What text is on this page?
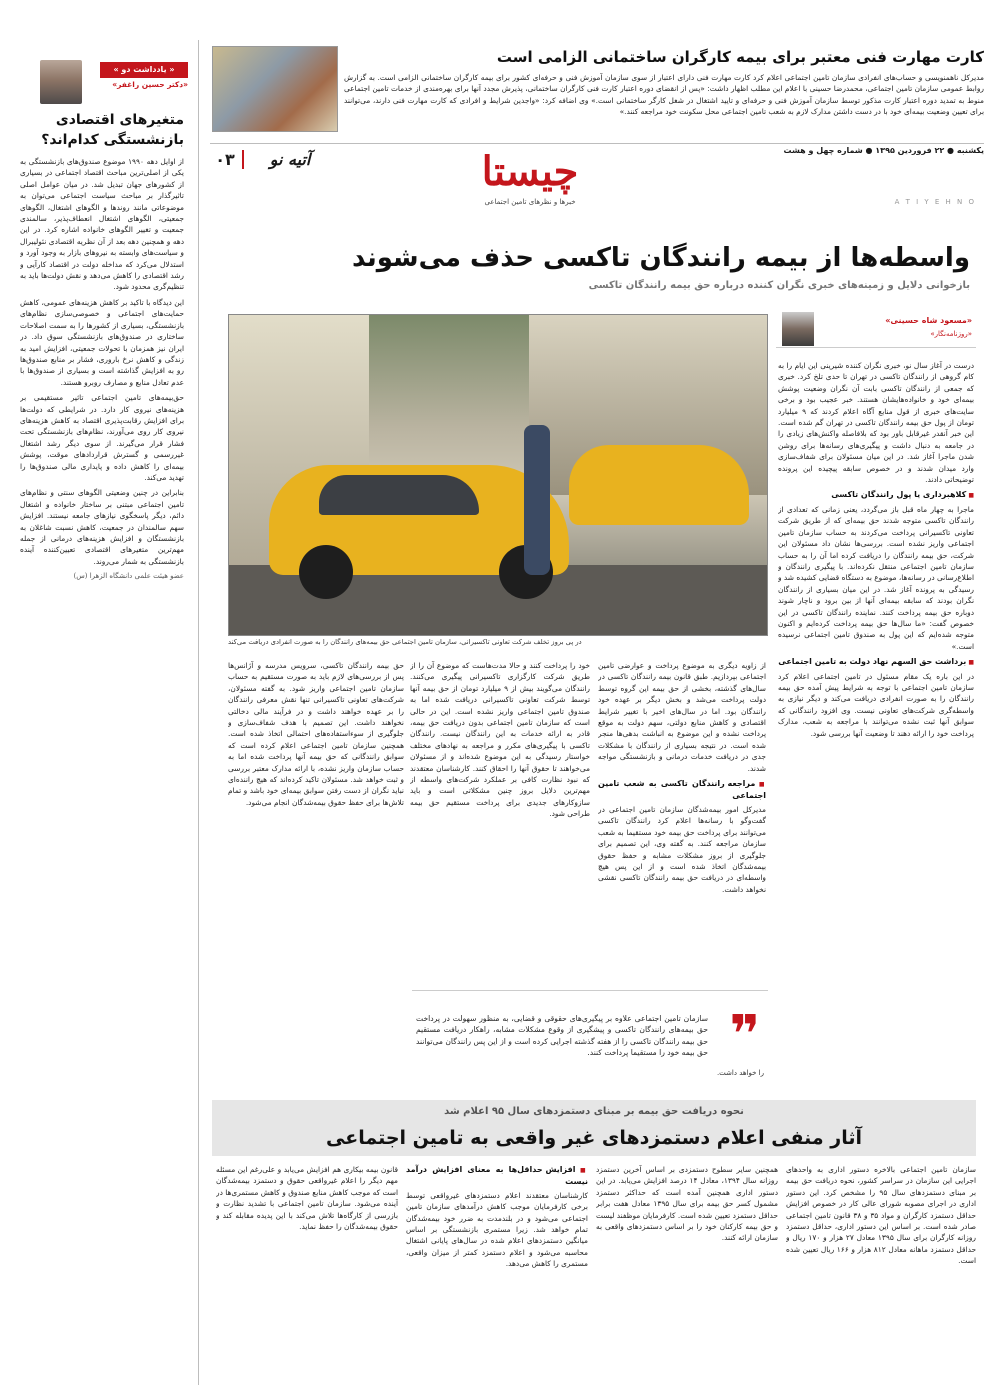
« یادداشت دو »
«دکتر حسین راغفر»
متغیرهای اقتصادی بازنشستگی کدام‌اند؟

از اوایل دهه ۱۹۹۰ موضوع صندوق‌های بازنشستگی به یکی از اصلی‌ترین مباحث اقتصاد اجتماعی در بسیاری از کشورهای جهان تبدیل شد. در میان عوامل اصلی تاثیرگذار بر مباحث سیاست اجتماعی می‌توان به موضوعاتی مانند روندها و الگوهای اشتغال، الگوهای جمعیتی، الگوهای اشتغال انعطاف‌پذیر، سالمندی جمعیت و تغییر الگوهای خانواده اشاره کرد. در این دهه و همچنین دهه بعد از آن نظریه اقتصادی نئولیبرال و سیاست‌های وابسته به نیروهای بازار به وجود آورد و استدلال می‌کرد که مداخله دولت در اقتصاد کارآیی و رشد اقتصادی را کاهش می‌دهد و نقش دولت‌ها باید به تنظیم‌گری محدود شود.

این دیدگاه با تاکید بر کاهش هزینه‌های عمومی، کاهش حمایت‌های اجتماعی و خصوصی‌سازی نظام‌های بازنشستگی، بسیاری از کشورها را به سمت اصلاحات ساختاری در صندوق‌های بازنشستگی سوق داد. در ایران نیز همزمان با تحولات جمعیتی، افزایش امید به زندگی و کاهش نرخ باروری، فشار بر منابع صندوق‌ها رو به افزایش گذاشته است و بسیاری از صندوق‌ها با عدم تعادل منابع و مصارف روبرو هستند.

حق‌بیمه‌های تامین اجتماعی تاثیر مستقیمی بر هزینه‌های نیروی کار دارد. در شرایطی که دولت‌ها برای افزایش رقابت‌پذیری اقتصاد به کاهش هزینه‌های نیروی کار روی می‌آورند، نظام‌های بازنشستگی تحت فشار قرار می‌گیرند. از سوی دیگر رشد اشتغال غیررسمی و گسترش قراردادهای موقت، پوشش بیمه‌ای را کاهش داده و پایداری مالی صندوق‌ها را تهدید می‌کند.

بنابراین در چنین وضعیتی الگوهای سنتی و نظام‌های تامین اجتماعی مبتنی بر ساختار خانواده و اشتغال دائم، دیگر پاسخگوی نیازهای جامعه نیستند. افزایش سهم سالمندان در جمعیت، کاهش نسبت شاغلان به بازنشستگان و افزایش هزینه‌های درمانی از جمله مهم‌ترین متغیرهای اقتصادی تعیین‌کننده آینده بازنشستگی به شمار می‌روند.

عضو هیئت علمی دانشگاه الزهرا (س)

کارت مهارت فنی معتبر برای بیمه کارگران ساختمانی الزامی است
مدیرکل ناهمنویسی و حساب‌های انفرادی سازمان تامین اجتماعی اعلام کرد کارت مهارت فنی دارای اعتبار از سوی سازمان آموزش فنی و حرفه‌ای کشور برای بیمه کارگران ساختمانی الزامی است. به گزارش روابط عمومی سازمان تامین اجتماعی، محمدرضا حسینی با اعلام این مطلب اظهار داشت: «پس از انقضای دوره اعتبار کارت فنی کارگران ساختمانی، پذیرش مجدد آنها برای بهره‌مندی از خدمات تامین اجتماعی منوط به تمدید دوره اعتبار کارت مذکور توسط سازمان آموزش فنی و حرفه‌ای و تایید اشتغال در شغل کارگر ساختمانی است.» وی اضافه کرد: «واجدین شرایط و افرادی که کارت مهارت فنی دارند، می‌توانند برای تعیین وضعیت بیمه‌ای خود با در دست داشتن مدارک لازم به شعب تامین اجتماعی محل سکونت خود مراجعه کنند.»
یکشنبه ● ۲۲ فروردین ۱۳۹۵ ● شماره چهل و هشت
چیستا
خبرها و نظرهای تامین اجتماعی
آتیه نو
۰۳
A T I Y E H N O
واسطه‌ها از بیمه رانندگان تاکسی حذف می‌شوند
بازخوانی دلایل و زمینه‌های خبری نگران کننده درباره حق بیمه رانندگان تاکسی
«مسعود شاه حسینی»
«روزنامه‌نگار»
در پی بروز تخلف شرکت تعاونی تاکسیرانی، سازمان تامین اجتماعی حق بیمه‌های رانندگان را به صورت انفرادی دریافت می‌کند

درست در آغاز سال نو، خبری نگران کننده شیرینی این ایام را به کام گروهی از رانندگان تاکسی در تهران تا حدی تلخ کرد. خبری که جمعی از رانندگان تاکسی بابت آن نگران وضعیت پوشش بیمه‌ای خود و خانواده‌هایشان هستند. خبر عجیب بود و برخی سایت‌های خبری از قول منابع آگاه اعلام کردند که ۹ میلیارد تومان از پول حق بیمه رانندگان تاکسی در تهران گم شده است. این خبر آنقدر غیرقابل باور بود که بلافاصله واکنش‌های زیادی را در جامعه به دنبال داشت و پیگیری‌های رسانه‌ها برای روشن شدن ماجرا آغاز شد. در این میان مسئولان برای شفاف‌سازی وارد میدان شدند و در خصوص سابقه پیچیده این پرونده توضیحاتی دادند.

■ کلاهبرداری یا پول رانندگان تاکسی

ماجرا به چهار ماه قبل باز می‌گردد، یعنی زمانی که تعدادی از رانندگان تاکسی متوجه شدند حق بیمه‌ای که از طریق شرکت تعاونی تاکسیرانی پرداخت می‌کردند به حساب سازمان تامین اجتماعی واریز نشده است. بررسی‌ها نشان داد مسئولان این شرکت، حق بیمه رانندگان را دریافت کرده اما آن را به حساب سازمان تامین اجتماعی منتقل نکرده‌اند. با پیگیری رانندگان و اطلاع‌رسانی در رسانه‌ها، موضوع به دستگاه قضایی کشیده شد و رسیدگی به پرونده آغاز شد. در این میان بسیاری از رانندگان نگران بودند که سابقه بیمه‌ای آنها از بین برود و ناچار شوند دوباره حق بیمه پرداخت کنند. نماینده رانندگان تاکسی در این خصوص گفت: «ما سال‌ها حق بیمه پرداخت کرده‌ایم و اکنون متوجه شده‌ایم که این پول به صندوق تامین اجتماعی نرسیده است.»

■ برداشت حق السهم نهاد دولت به تامین اجتماعی

در این باره یک مقام مسئول در تامین اجتماعی اعلام کرد سازمان تامین اجتماعی با توجه به شرایط پیش آمده حق بیمه رانندگان را به صورت انفرادی دریافت می‌کند و دیگر نیازی به واسطه‌گری شرکت‌های تعاونی نیست. وی افزود رانندگانی که سوابق آنها ثبت نشده می‌توانند با مراجعه به شعب، مدارک پرداخت خود را ارائه دهند تا وضعیت آنها بررسی شود.

از زاویه دیگری به موضوع پرداخت و عوارضی تامین اجتماعی بپردازیم. طبق قانون بیمه رانندگان تاکسی در سال‌های گذشته، بخشی از حق بیمه این گروه توسط دولت پرداخت می‌شد و بخش دیگر بر عهده خود رانندگان بود. اما در سال‌های اخیر با تغییر شرایط اقتصادی و کاهش منابع دولتی، سهم دولت به موقع پرداخت نشده و این موضوع به انباشت بدهی‌ها منجر شده است. در نتیجه بسیاری از رانندگان با مشکلات جدی در دریافت خدمات درمانی و بازنشستگی مواجه شدند.

■ مراجعه رانندگان تاکسی به شعب تامین اجتماعی

مدیرکل امور بیمه‌شدگان سازمان تامین اجتماعی در گفت‌وگو با رسانه‌ها اعلام کرد رانندگان تاکسی می‌توانند برای پرداخت حق بیمه خود مستقیما به شعب سازمان مراجعه کنند. به گفته وی، این تصمیم برای جلوگیری از بروز مشکلات مشابه و حفظ حقوق بیمه‌شدگان اتخاذ شده است و از این پس هیچ واسطه‌ای در دریافت حق بیمه رانندگان تاکسی نقشی نخواهد داشت.

خود را پرداخت کنند و حالا مدت‌هاست که موضوع آن را از طریق شرکت کارگزاری تاکسیرانی پیگیری می‌کنند. رانندگان می‌گویند بیش از ۹ میلیارد تومان از حق بیمه آنها توسط شرکت تعاونی تاکسیرانی دریافت شده اما به صندوق تامین اجتماعی واریز نشده است. این در حالی است که سازمان تامین اجتماعی بدون دریافت حق بیمه، قادر به ارائه خدمات به این رانندگان نیست. رانندگان تاکسی با پیگیری‌های مکرر و مراجعه به نهادهای مختلف خواستار رسیدگی به این موضوع شده‌اند و از مسئولان می‌خواهند تا حقوق آنها را احقاق کنند. کارشناسان معتقدند که نبود نظارت کافی بر عملکرد شرکت‌های واسطه از مهم‌ترین دلایل بروز چنین مشکلاتی است و باید سازوکارهای جدیدی برای پرداخت مستقیم حق بیمه طراحی شود.
حق بیمه رانندگان تاکسی، سرویس مدرسه و آژانس‌ها پس از بررسی‌های لازم باید به صورت مستقیم به حساب سازمان تامین اجتماعی واریز شود. به گفته مسئولان، شرکت‌های تعاونی تاکسیرانی تنها نقش معرفی رانندگان را بر عهده خواهند داشت و در فرآیند مالی دخالتی نخواهند داشت. این تصمیم با هدف شفاف‌سازی و جلوگیری از سوءاستفاده‌های احتمالی اتخاذ شده است. همچنین سازمان تامین اجتماعی اعلام کرده است که سوابق رانندگانی که حق بیمه آنها پرداخت شده اما به حساب سازمان واریز نشده، با ارائه مدارک معتبر بررسی و ثبت خواهد شد. مسئولان تاکید کرده‌اند که هیچ راننده‌ای نباید نگران از دست رفتن سوابق بیمه‌ای خود باشد و تمام تلاش‌ها برای حفظ حقوق بیمه‌شدگان انجام می‌شود.
❞
سازمان تامین اجتماعی علاوه بر پیگیری‌های حقوقی و قضایی، به منظور سهولت در پرداخت حق بیمه‌های رانندگان تاکسی و پیشگیری از وقوع مشکلات مشابه، راهکار دریافت مستقیم حق بیمه رانندگان تاکسی را از هفته گذشته اجرایی کرده است و از این پس رانندگان می‌توانند حق بیمه خود را مستقیما پرداخت کنند.
را خواهد داشت.
نحوه دریافت حق بیمه بر مبنای دستمزدهای سال ۹۵ اعلام شد
آثار منفی اعلام دستمزدهای غیر واقعی به تامین اجتماعی
سازمان تامین اجتماعی بالاخره دستور اداری به واحدهای اجرایی این سازمان در سراسر کشور، نحوه دریافت حق بیمه بر مبنای دستمزدهای سال ۹۵ را مشخص کرد. این دستور اداری در اجرای مصوبه شورای عالی کار در خصوص افزایش حداقل دستمزد کارگران و مواد ۳۵ و ۳۸ قانون تامین اجتماعی صادر شده است. بر اساس این دستور اداری، حداقل دستمزد روزانه کارگران برای سال ۱۳۹۵ معادل ۲۷ هزار و ۱۷۰ ریال و حداقل دستمزد ماهانه معادل ۸۱۲ هزار و ۱۶۶ ریال تعیین شده است.
همچنین سایر سطوح دستمزدی بر اساس آخرین دستمزد روزانه سال ۱۳۹۴، معادل ۱۴ درصد افزایش می‌یابد. در این دستور اداری همچنین آمده است که حداکثر دستمزد مشمول کسر حق بیمه برای سال ۱۳۹۵ معادل هفت برابر حداقل دستمزد تعیین شده است. کارفرمایان موظفند لیست و حق بیمه کارکنان خود را بر اساس دستمزدهای واقعی به سازمان ارائه کنند.
■ افزایش حداقل‌ها به معنای افزایش درآمد نیست

کارشناسان معتقدند اعلام دستمزدهای غیرواقعی توسط برخی کارفرمایان موجب کاهش درآمدهای سازمان تامین اجتماعی می‌شود و در بلندمدت به ضرر خود بیمه‌شدگان تمام خواهد شد. زیرا مستمری بازنشستگی بر اساس میانگین دستمزدهای اعلام شده در سال‌های پایانی اشتغال محاسبه می‌شود و اعلام دستمزد کمتر از میزان واقعی، مستمری را کاهش می‌دهد.

قانون بیمه بیکاری هم افزایش می‌یابد و علی‌رغم این مسئله مهم دیگر را اعلام غیرواقعی حقوق و دستمزد بیمه‌شدگان است که موجب کاهش منابع صندوق و کاهش مستمری‌ها در آینده می‌شود. سازمان تامین اجتماعی با تشدید نظارت و بازرسی از کارگاه‌ها تلاش می‌کند با این پدیده مقابله کند و حقوق بیمه‌شدگان را حفظ نماید.
